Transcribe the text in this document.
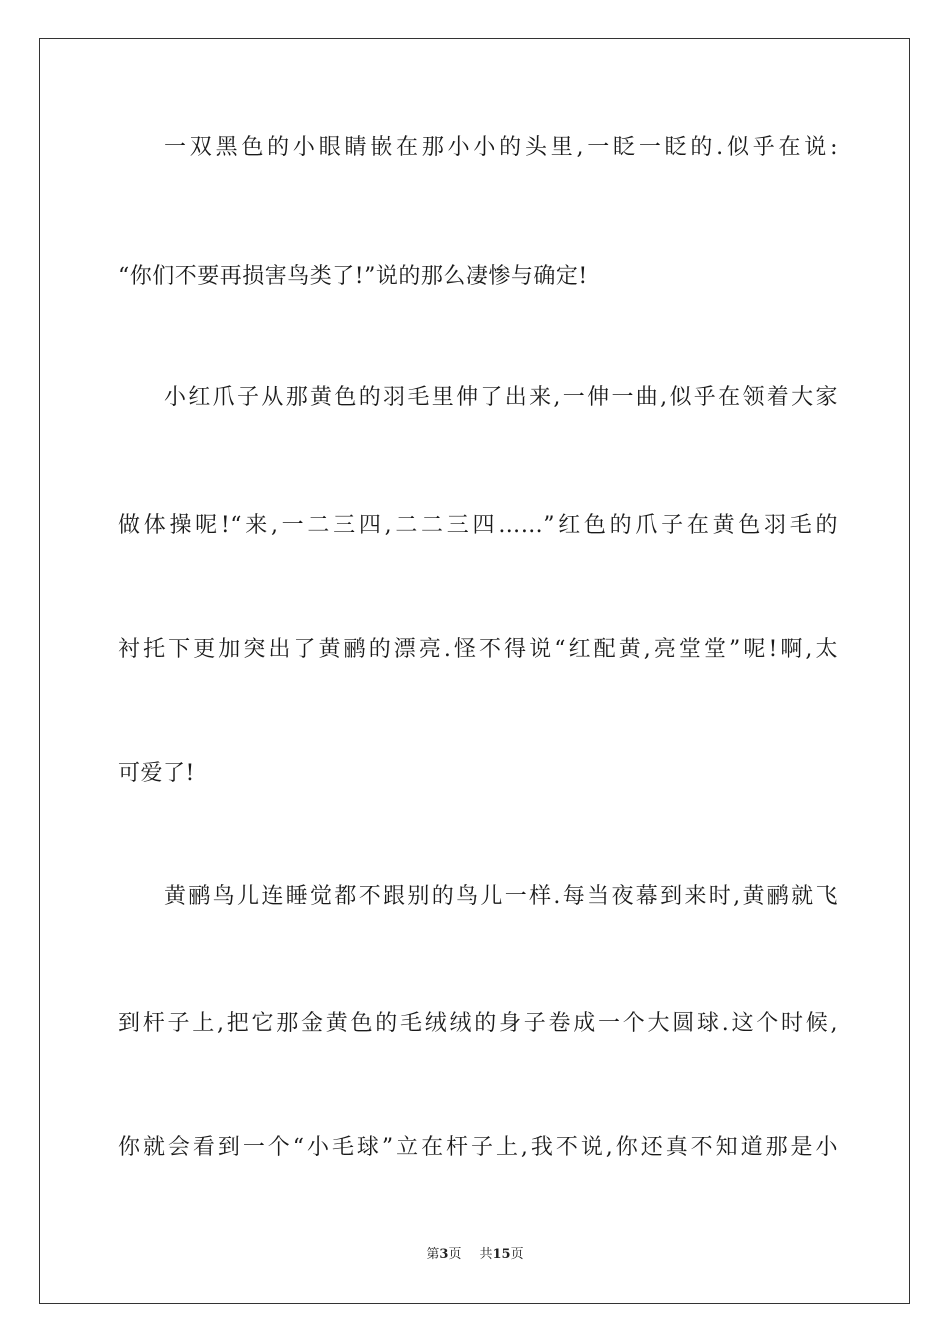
一双黑色的小眼睛嵌在那小小的头里,一眨一眨的.似乎在说:
“你们不要再损害鸟类了!”说的那么凄惨与确定!
小红爪子从那黄色的羽毛里伸了出来,一伸一曲,似乎在领着大家
做体操呢!“来,一二三四,二二三四……”红色的爪子在黄色羽毛的
衬托下更加突出了黄鹂的漂亮.怪不得说“红配黄,亮堂堂”呢!啊,太
可爱了!
黄鹂鸟儿连睡觉都不跟别的鸟儿一样.每当夜幕到来时,黄鹂就飞
到杆子上,把它那金黄色的毛绒绒的身子卷成一个大圆球.这个时候,
你就会看到一个“小毛球”立在杆子上,我不说,你还真不知道那是小
第3页 共15页
